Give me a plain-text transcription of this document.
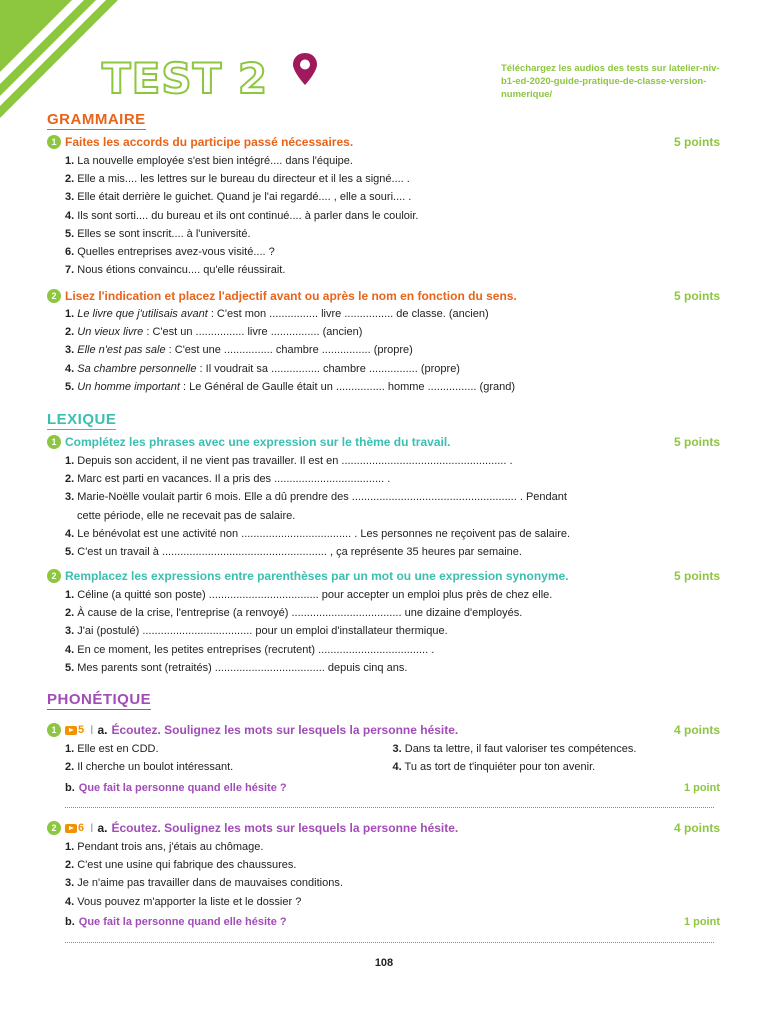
TEST 2	Téléchargez les audios des tests sur latelier-niv-b1-ed-2020-guide-pratique-de-classe-version-numerique/
GRAMMAIRE
1 Faites les accords du participe passé nécessaires.	5 points
1. La nouvelle employée s'est bien intégré.... dans l'équipe.
2. Elle a mis.... les lettres sur le bureau du directeur et il les a signé.... .
3. Elle était derrière le guichet. Quand je l'ai regardé.... , elle a souri.... .
4. Ils sont sorti.... du bureau et ils ont continué.... à parler dans le couloir.
5. Elles se sont inscrit.... à l'université.
6. Quelles entreprises avez-vous visité.... ?
7. Nous étions convaincu.... qu'elle réussirait.
2 Lisez l'indication et placez l'adjectif avant ou après le nom en fonction du sens.	5 points
1. Le livre que j'utilisais avant : C'est mon ................ livre ................ de classe. (ancien)
2. Un vieux livre : C'est un ................ livre ................ (ancien)
3. Elle n'est pas sale : C'est une ................ chambre ................ (propre)
4. Sa chambre personnelle : Il voudrait sa ................ chambre ................ (propre)
5. Un homme important : Le Général de Gaulle était un ................ homme ................ (grand)
LEXIQUE
1 Complétez les phrases avec une expression sur le thème du travail.	5 points
1. Depuis son accident, il ne vient pas travailler. Il est en ...................................................... .
2. Marc est parti en vacances. Il a pris des .................................... .
3. Marie-Noëlle voulait partir 6 mois. Elle a dû prendre des ...................................................... . Pendant
cette période, elle ne recevait pas de salaire.
4. Le bénévolat est une activité non .................................... . Les personnes ne reçoivent pas de salaire.
5. C'est un travail à ...................................................... , ça représente 35 heures par semaine.
2 Remplacez les expressions entre parenthèses par un mot ou une expression synonyme.	5 points
1. Céline (a quitté son poste) .................................... pour accepter un emploi plus près de chez elle.
2. À cause de la crise, l'entreprise (a renvoyé) .................................... une dizaine d'employés.
3. J'ai (postulé) .................................... pour un emploi d'installateur thermique.
4. En ce moment, les petites entreprises (recrutent) .................................... .
5. Mes parents sont (retraités) .................................... depuis cinq ans.
PHONÉTIQUE
1	5 I a. Écoutez. Soulignez les mots sur lesquels la personne hésite.	4 points
1. Elle est en CDD.
2. Il cherche un boulot intéressant.
3. Dans ta lettre, il faut valoriser tes compétences.
4. Tu as tort de t'inquiéter pour ton avenir.
b. Que fait la personne quand elle hésite ?	1 point
2	6 I a. Écoutez. Soulignez les mots sur lesquels la personne hésite.	4 points
1. Pendant trois ans, j'étais au chômage.
2. C'est une usine qui fabrique des chaussures.
3. Je n'aime pas travailler dans de mauvaises conditions.
4. Vous pouvez m'apporter la liste et le dossier ?
b. Que fait la personne quand elle hésite ?	1 point
108
